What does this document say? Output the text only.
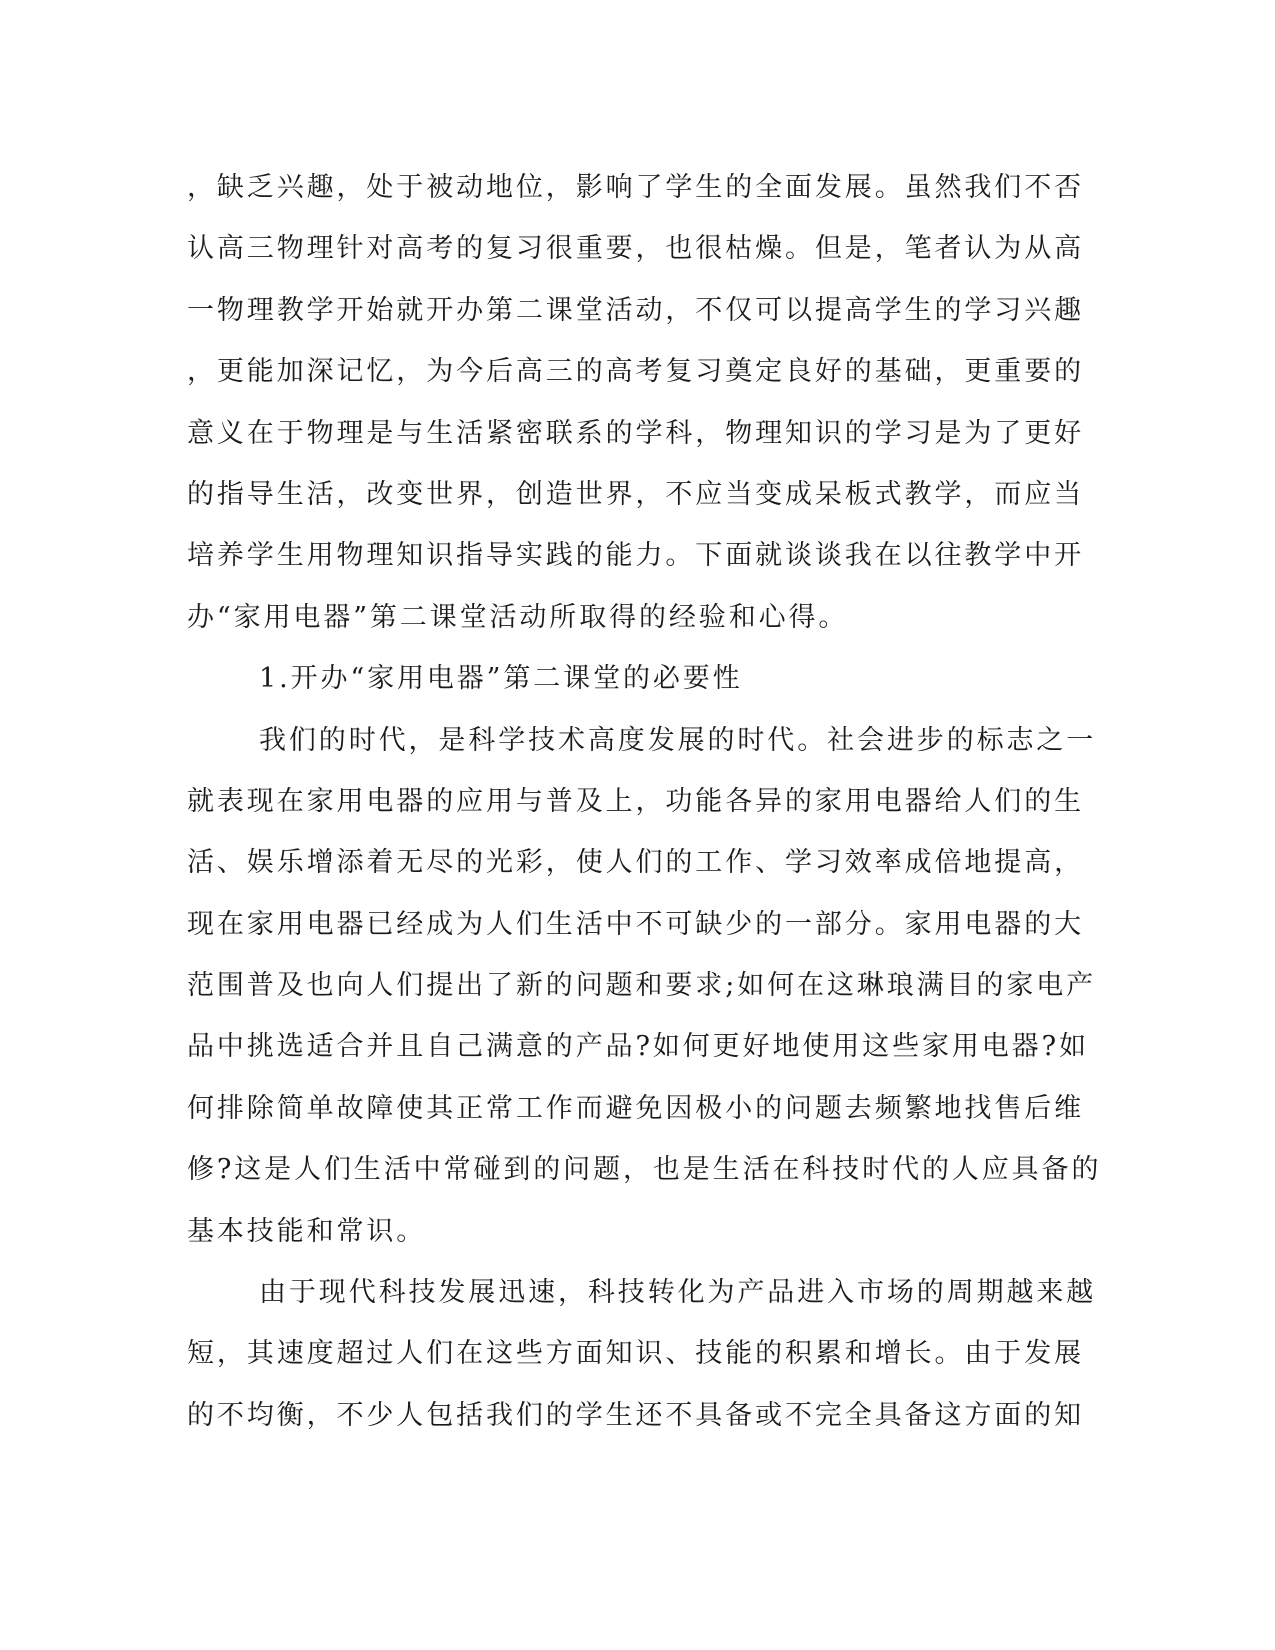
，缺乏兴趣，处于被动地位，影响了学生的全面发展。虽然我们不否
认高三物理针对高考的复习很重要，也很枯燥。但是，笔者认为从高
一物理教学开始就开办第二课堂活动，不仅可以提高学生的学习兴趣
，更能加深记忆，为今后高三的高考复习奠定良好的基础，更重要的
意义在于物理是与生活紧密联系的学科，物理知识的学习是为了更好
的指导生活，改变世界，创造世界，不应当变成呆板式教学，而应当
培养学生用物理知识指导实践的能力。下面就谈谈我在以往教学中开
办“家用电器”第二课堂活动所取得的经验和心得。
1.开办“家用电器”第二课堂的必要性
我们的时代，是科学技术高度发展的时代。社会进步的标志之一
就表现在家用电器的应用与普及上，功能各异的家用电器给人们的生
活、娱乐增添着无尽的光彩，使人们的工作、学习效率成倍地提高，
现在家用电器已经成为人们生活中不可缺少的一部分。家用电器的大
范围普及也向人们提出了新的问题和要求;如何在这琳琅满目的家电产
品中挑选适合并且自己满意的产品?如何更好地使用这些家用电器?如
何排除简单故障使其正常工作而避免因极小的问题去频繁地找售后维
修?这是人们生活中常碰到的问题，也是生活在科技时代的人应具备的
基本技能和常识。
由于现代科技发展迅速，科技转化为产品进入市场的周期越来越
短，其速度超过人们在这些方面知识、技能的积累和增长。由于发展
的不均衡，不少人包括我们的学生还不具备或不完全具备这方面的知
